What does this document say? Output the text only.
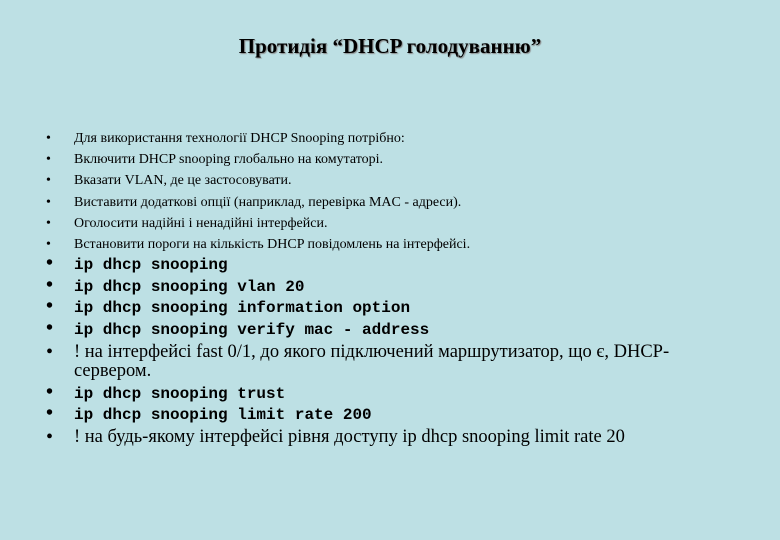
Протидія “DHCP голодуванню”
• Для використання технології DHCP Snooping потрібно:
• Включити DHCP snooping глобально на комутаторі.
• Вказати VLAN, де це застосовувати.
• Виставити додаткові опції (наприклад, перевірка MAC - адреси).
• Оголосити надійні і ненадійні інтерфейси.
• Встановити пороги на кількість DHCP повідомлень на інтерфейсі.
• ip dhcp snooping
• ip dhcp snooping vlan 20
• ip dhcp snooping information option
• ip dhcp snooping verify mac - address
• ! на інтерфейсі fast 0/1, до якого підключений маршрутизатор, що є, DHCP-сервером.
• ip dhcp snooping trust
• ip dhcp snooping limit rate 200
• ! на будь-якому інтерфейсі рівня доступу ip dhcp snooping limit rate 20
